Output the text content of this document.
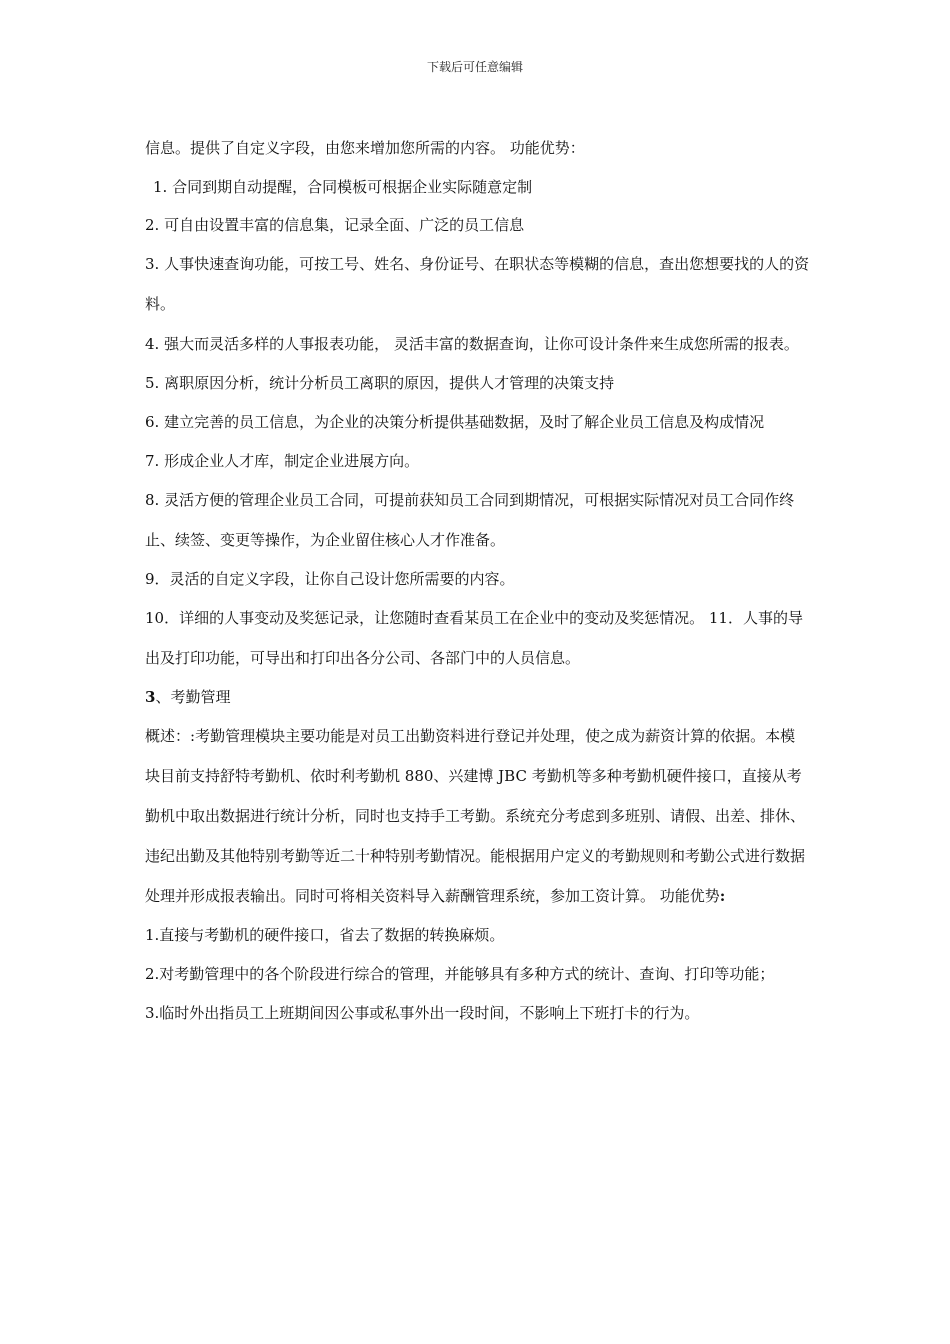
下载后可任意编辑

信息。提供了自定义字段，由您来增加您所需的内容。 功能优势：

1. 合同到期自动提醒，合同模板可根据企业实际随意定制

2. 可自由设置丰富的信息集，记录全面、广泛的员工信息

3. 人事快速查询功能，可按工号、姓名、身份证号、在职状态等模糊的信息，查出您想要找的人的资料。

4. 强大而灵活多样的人事报表功能， 灵活丰富的数据查询，让你可设计条件来生成您所需的报表。

5. 离职原因分析，统计分析员工离职的原因，提供人才管理的决策支持

6. 建立完善的员工信息，为企业的决策分析提供基础数据，及时了解企业员工信息及构成情况

7. 形成企业人才库，制定企业进展方向。

8. 灵活方便的管理企业员工合同，可提前获知员工合同到期情况，可根据实际情况对员工合同作终止、续签、变更等操作，为企业留住核心人才作准备。

9．灵活的自定义字段，让你自己设计您所需要的内容。

10．详细的人事变动及奖惩记录，让您随时查看某员工在企业中的变动及奖惩情况。 11．人事的导出及打印功能，可导出和打印出各分公司、各部门中的人员信息。

3、考勤管理

概述：:考勤管理模块主要功能是对员工出勤资料进行登记并处理，使之成为薪资计算的依据。本模块目前支持舒特考勤机、依时利考勤机 880、兴建博 JBC 考勤机等多种考勤机硬件接口，直接从考勤机中取出数据进行统计分析，同时也支持手工考勤。系统充分考虑到多班别、请假、出差、排休、违纪出勤及其他特别考勤等近二十种特别考勤情况。能根据用户定义的考勤规则和考勤公式进行数据处理并形成报表输出。同时可将相关资料导入薪酬管理系统，参加工资计算。 功能优势:

1.直接与考勤机的硬件接口，省去了数据的转换麻烦。

2.对考勤管理中的各个阶段进行综合的管理，并能够具有多种方式的统计、查询、打印等功能；

3.临时外出指员工上班期间因公事或私事外出一段时间，不影响上下班打卡的行为。
